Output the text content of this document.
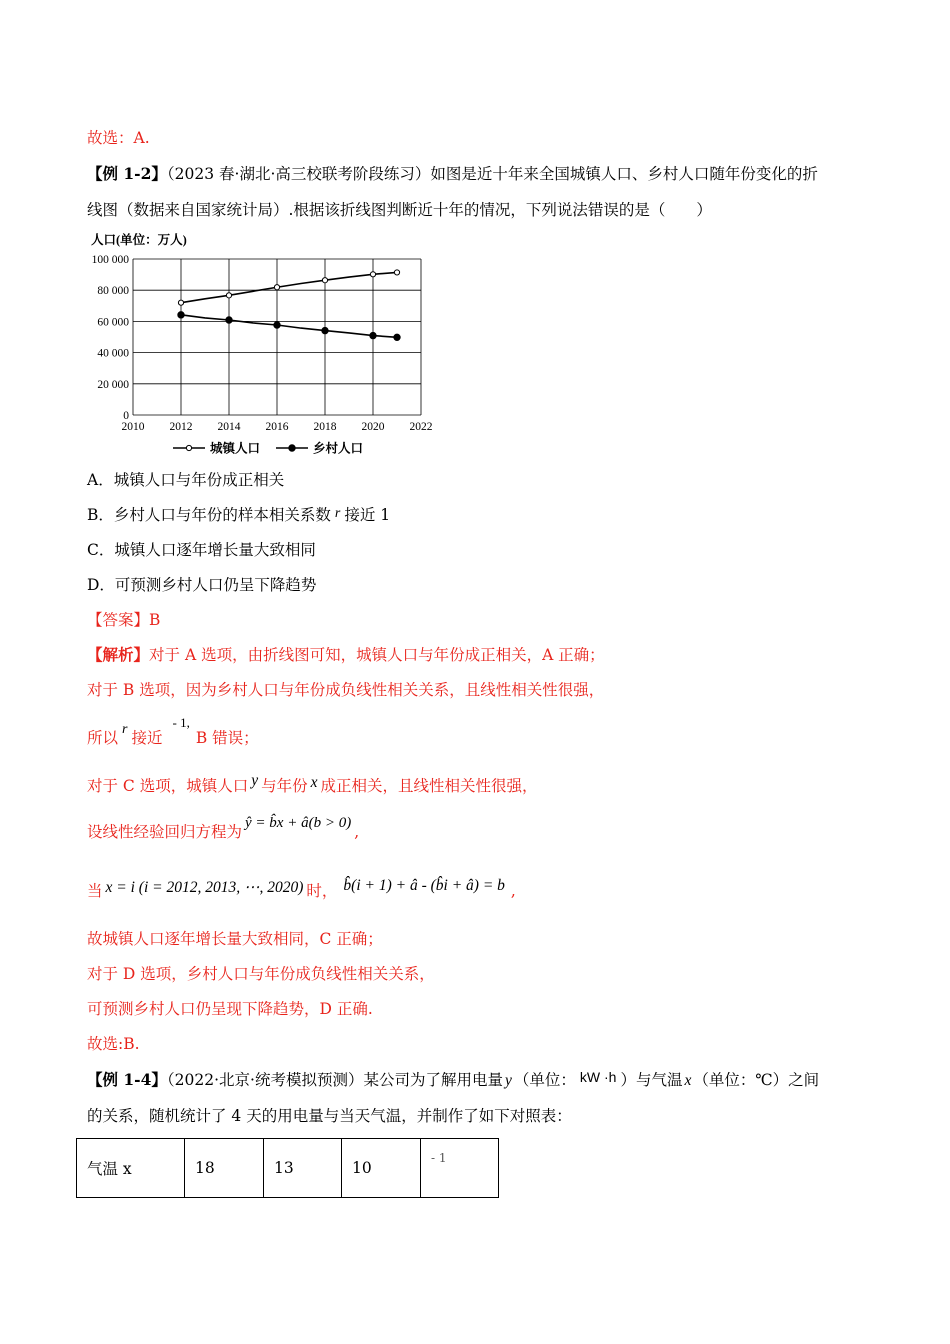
故选：A.
【例 1-2】（2023 春·湖北·高三校联考阶段练习）如图是近十年来全国城镇人口、乡村人口随年份变化的折
线图（数据来自国家统计局）.根据该折线图判断近十年的情况，下列说法错误的是（　　）
人口(单位：万人)
0
20 000
40 000
60 000
80 000
100 000
2010 2012 2014 2016 2018 2020 2022
城镇人口	乡村人口
A．城镇人口与年份成正相关
B．乡村人口与年份的样本相关系数 r 接近 1
C．城镇人口逐年增长量大致相同
D．可预测乡村人口仍呈下降趋势
【答案】B
【解析】对于 A 选项，由折线图可知，城镇人口与年份成正相关，A 正确；
对于 B 选项，因为乡村人口与年份成负线性相关关系，且线性相关性很强，
所以 r 接近$^{- 1,}$B 错误；
对于 C 选项，城镇人口 y 与年份 x 成正相关，且线性相关性很强，
设线性经验回归方程为 ŷ = b̂x + â(b > 0) ,
当 x = i (i = 2012, 2013, ⋯, 2020) 时， b̂(i + 1) + â - (b̂i + â) = b ,
故城镇人口逐年增长量大致相同，C 正确；
对于 D 选项，乡村人口与年份成负线性相关关系，
可预测乡村人口仍呈现下降趋势，D 正确.
故选:B.
【例 1-4】（2022·北京·统考模拟预测）某公司为了解用电量 y （单位： kW ·h ）与气温 x （单位：℃）之间
的关系，随机统计了 4 天的用电量与当天气温，并制作了如下对照表：
气温 x	18	13	10	- 1
